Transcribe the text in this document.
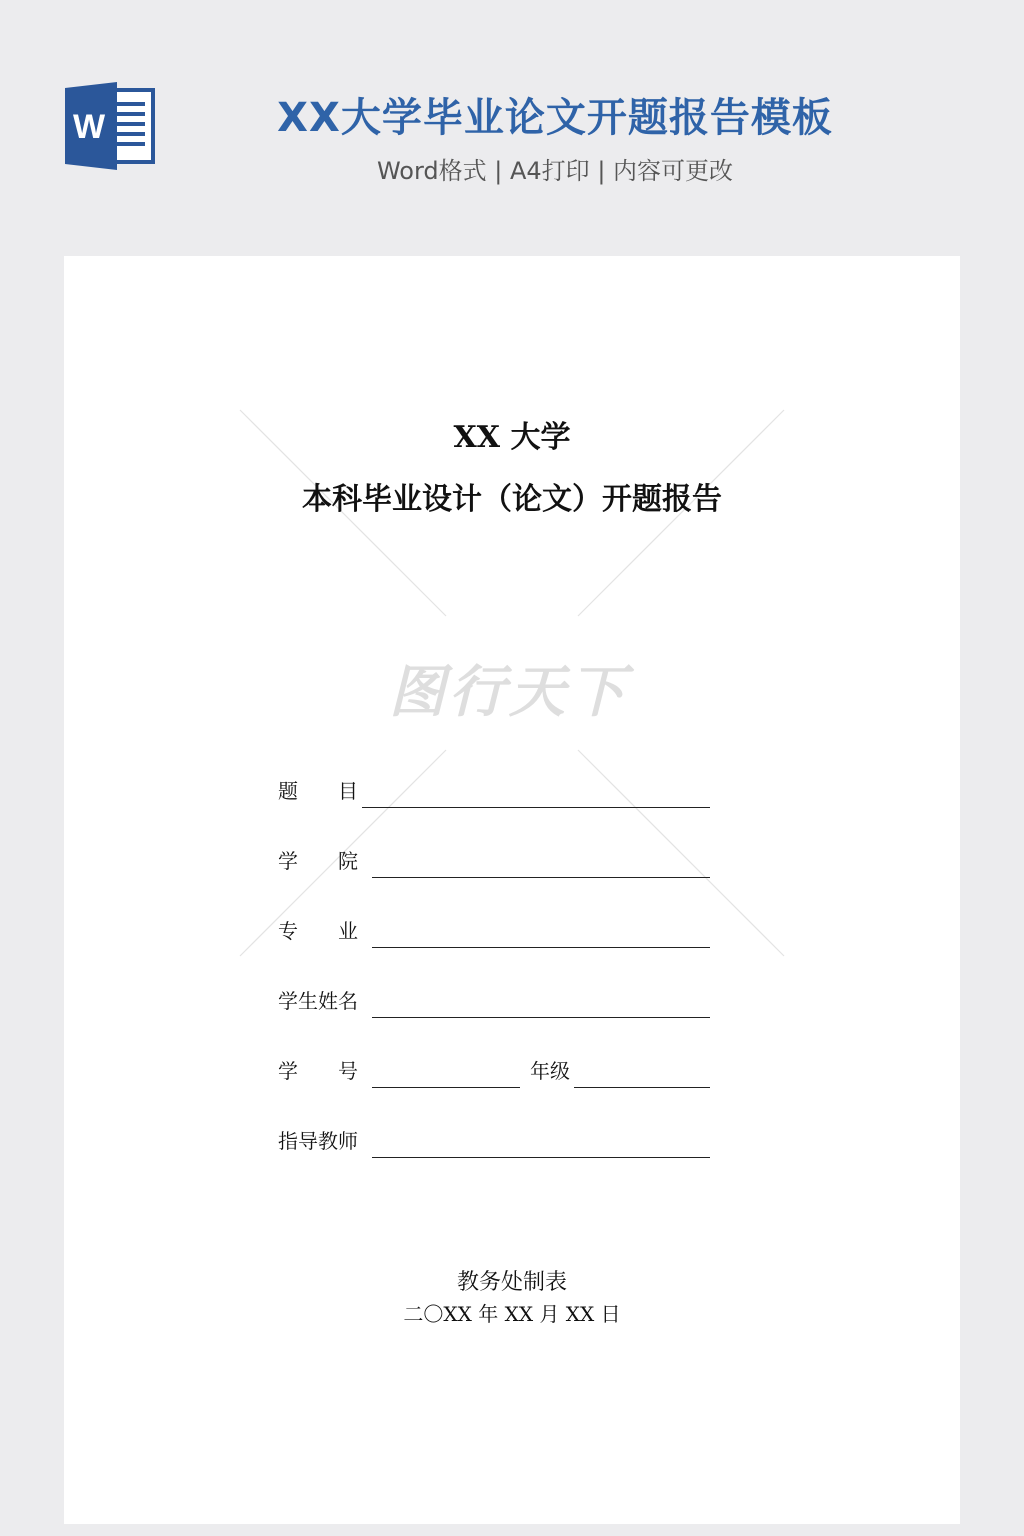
W	XX大学毕业论文开题报告模板
Word格式 | A4打印 | 内容可更改
图行天下
XX 大学
本科毕业设计（论文）开题报告
题　　目
学　　院
专　　业
学生姓名
学　　号	年级
指导教师
教务处制表
二〇XX 年 XX 月 XX 日
